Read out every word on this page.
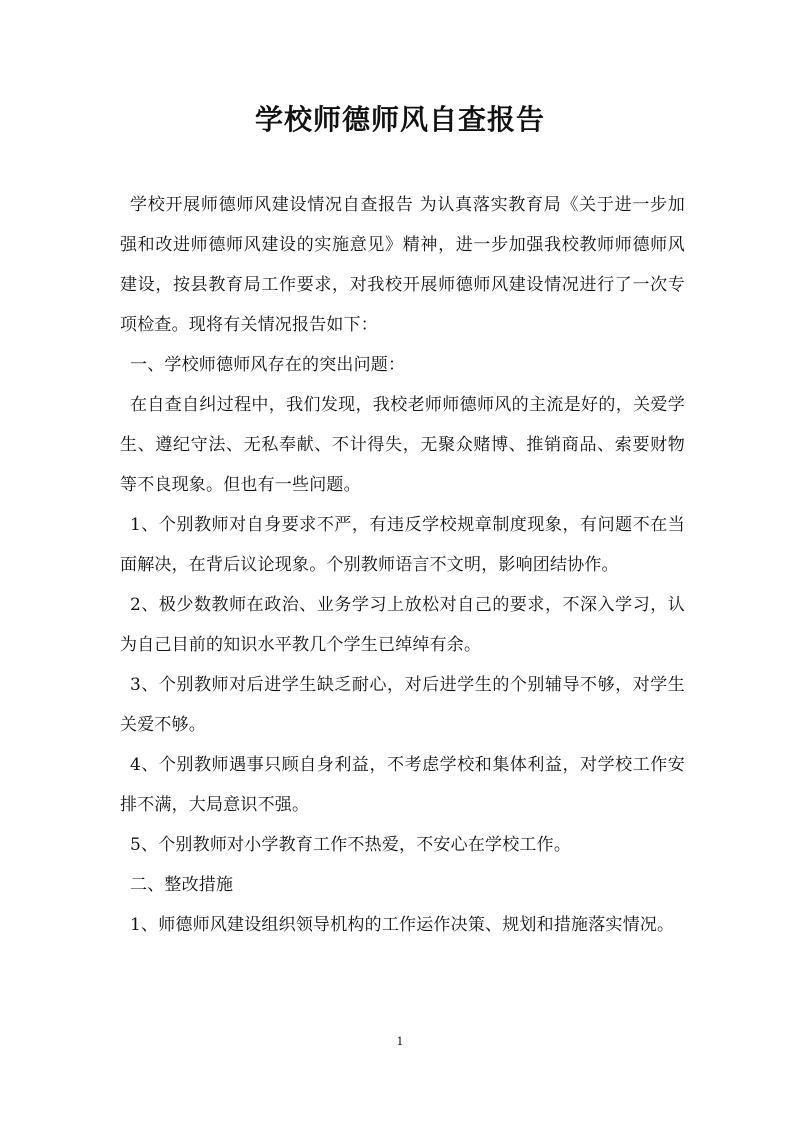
学校师德师风自查报告

学校开展师德师风建设情况自查报告 为认真落实教育局《关于进一步加强和改进师德师风建设的实施意见》精神，进一步加强我校教师师德师风建设，按县教育局工作要求，对我校开展师德师风建设情况进行了一次专项检查。现将有关情况报告如下：

一、学校师德师风存在的突出问题：

在自查自纠过程中，我们发现，我校老师师德师风的主流是好的，关爱学生、遵纪守法、无私奉献、不计得失，无聚众赌博、推销商品、索要财物等不良现象。但也有一些问题。

1、个别教师对自身要求不严，有违反学校规章制度现象，有问题不在当面解决，在背后议论现象。个别教师语言不文明，影响团结协作。

2、极少数教师在政治、业务学习上放松对自己的要求，不深入学习，认为自己目前的知识水平教几个学生已绰绰有余。

3、个别教师对后进学生缺乏耐心，对后进学生的个别辅导不够，对学生关爱不够。

4、个别教师遇事只顾自身利益，不考虑学校和集体利益，对学校工作安排不满，大局意识不强。

5、个别教师对小学教育工作不热爱，不安心在学校工作。

二、整改措施

1、师德师风建设组织领导机构的工作运作决策、规划和措施落实情况。

1
